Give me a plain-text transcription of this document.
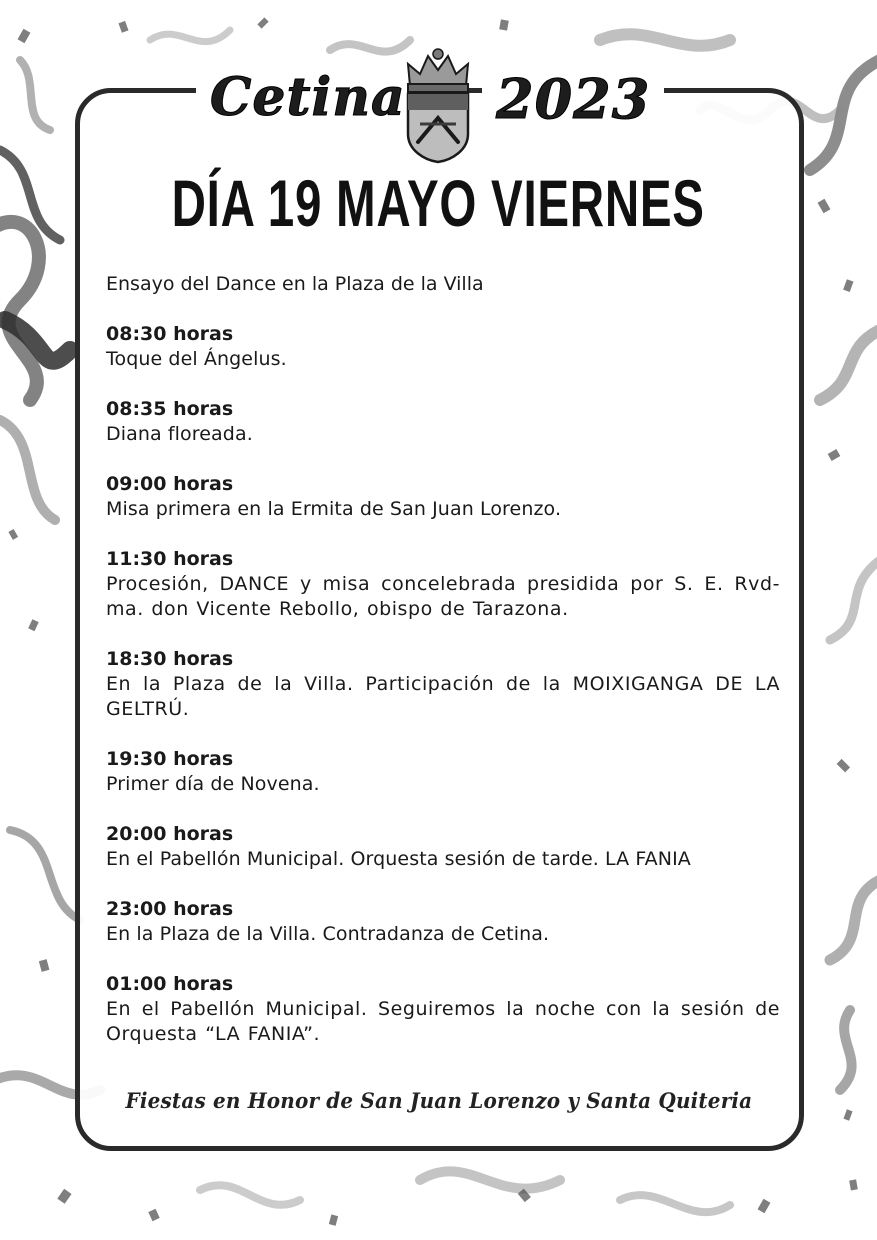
Cetina 2023
DÍA 19 MAYO VIERNES

Ensayo del Dance en la Plaza de la Villa

08:30 horas
Toque del Ángelus.
08:35 horas
Diana floreada.
09:00 horas
Misa primera en la Ermita de San Juan Lorenzo.
11:30 horas
Procesión, DANCE y misa concelebrada presidida por S. E. Rvd-ma. don Vicente Rebollo, obispo de Tarazona.
18:30 horas
En la Plaza de la Villa. Participación de la MOIXIGANGA DE LA GELTRÚ.
19:30 horas
Primer día de Novena.
20:00 horas
En el Pabellón Municipal. Orquesta sesión de tarde. LA FANIA
23:00 horas
En la Plaza de la Villa. Contradanza de Cetina.
01:00 horas
En el Pabellón Municipal. Seguiremos la noche con la sesión de Orquesta “LA FANIA”.
Fiestas en Honor de San Juan Lorenzo y Santa Quiteria
